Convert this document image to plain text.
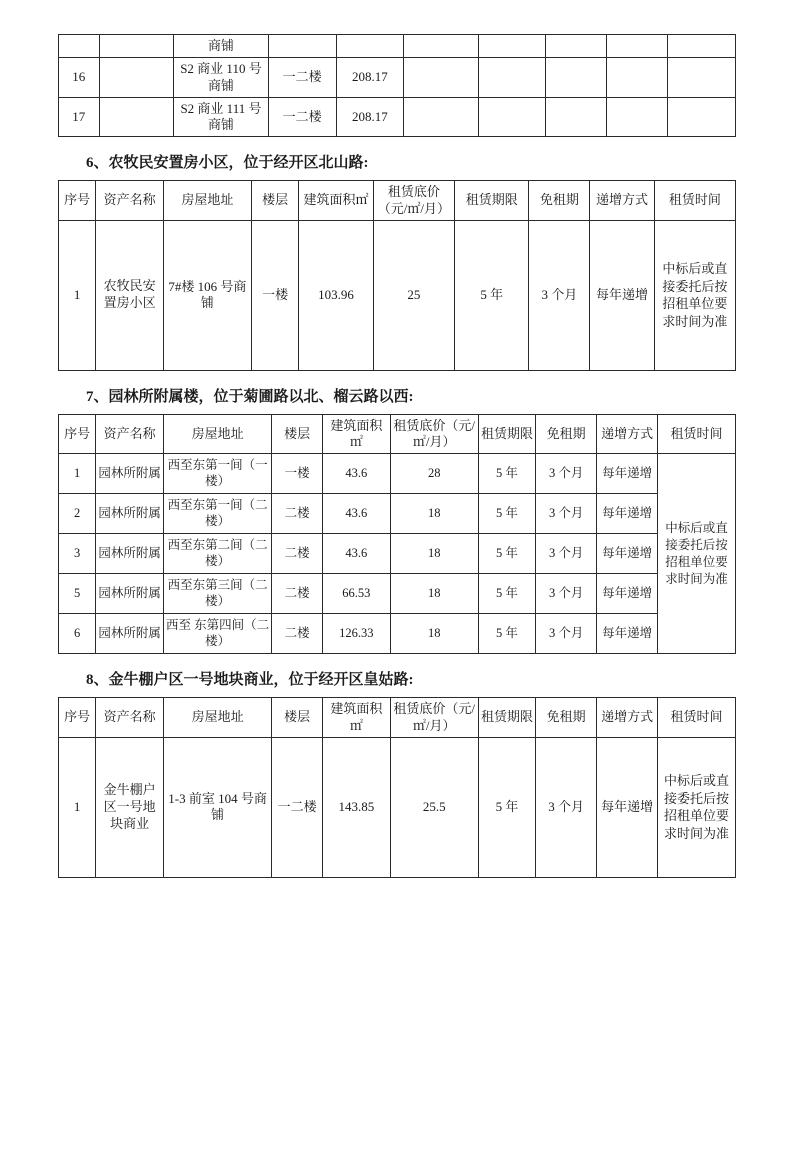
		商铺							
16		S2 商业 110 号商铺	一二楼	208.17					
17		S2 商业 111 号商铺	一二楼	208.17					
6、农牧民安置房小区，位于经开区北山路:
序号	资产名称	房屋地址	楼层	建筑面积㎡	租赁底价（元/㎡/月）	租赁期限	免租期	递增方式	租赁时间
1	农牧民安置房小区	7#楼 106 号商铺	一楼	103.96	25	5 年	3 个月	每年递增	中标后或直接委托后按招租单位要求时间为准
7、园林所附属楼，位于菊圃路以北、榴云路以西:
序号	资产名称	房屋地址	楼层	建筑面积㎡	租赁底价（元/㎡/月）	租赁期限	免租期	递增方式	租赁时间
1	园林所附属	西至东第一间（一楼）	一楼	43.6	28	5 年	3 个月	每年递增	中标后或直接委托后按招租单位要求时间为准
2	园林所附属	西至东第一间（二楼）	二楼	43.6	18	5 年	3 个月	每年递增	
3	园林所附属	西至东第二间（二楼）	二楼	43.6	18	5 年	3 个月	每年递增	
5	园林所附属	西至东第三间（二楼）	二楼	66.53	18	5 年	3 个月	每年递增	
6	园林所附属	西至 东第四间（二楼）	二楼	126.33	18	5 年	3 个月	每年递增	
8、金牛棚户区一号地块商业，位于经开区皇姑路:
序号	资产名称	房屋地址	楼层	建筑面积㎡	租赁底价（元/㎡/月）	租赁期限	免租期	递增方式	租赁时间
1	金牛棚户区一号地块商业	1-3 前室 104 号商铺	一二楼	143.85	25.5	5 年	3 个月	每年递增	中标后或直接委托后按招租单位要求时间为准
